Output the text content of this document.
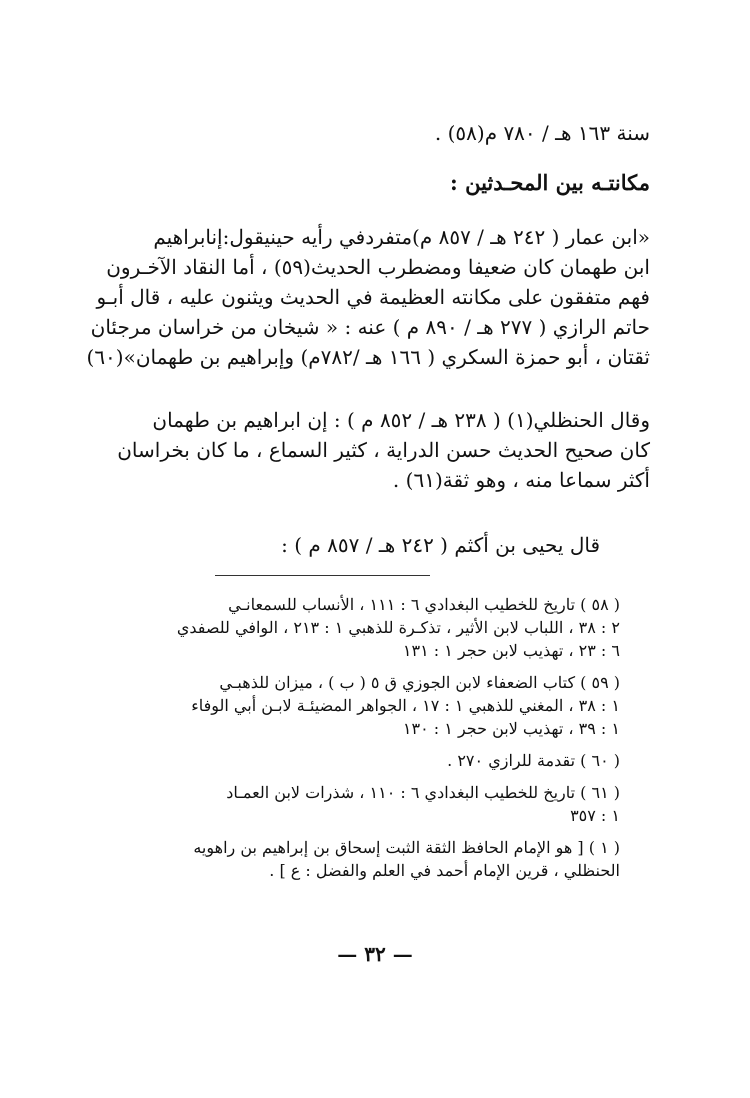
سنة ١٦٣ هـ / ٧٨٠ م(٥٨) .
مكانتـه بين المحـدثين :
«ابن عمار ( ٢٤٢ هـ / ٨٥٧ م)متفردفي رأيه حينيقول:إنابراهيم
ابن طهمان كان ضعيفا ومضطرب الحديث(٥٩) ، أما النقاد الآخـرون
فهم متفقون على مكانته العظيمة في الحديث ويثنون عليه ، قال أبـو
حاتم الرازي ( ٢٧٧ هـ / ٨٩٠ م ) عنه : « شيخان من خراسان مرجئان
ثقتان ، أبو حمزة السكري ( ١٦٦ هـ /٧٨٢م) وإبراهيم بن طهمان»(٦٠)
وقال الحنظلي(١) ( ٢٣٨ هـ / ٨٥٢ م ) : إن ابراهيم بن طهمان
كان صحيح الحديث حسن الدراية ، كثير السماع ، ما كان بخراسان
أكثر سماعا منه ، وهو ثقة(٦١) .
قال يحيى بن أكثم ( ٢٤٢ هـ / ٨٥٧ م ) :
( ٥٨ ) تاريخ للخطيب البغدادي ٦ : ١١١ ، الأنساب للسمعانـي
٢ : ٣٨ ، اللباب لابن الأثير ، تذكـرة للذهبي ١ : ٢١٣ ، الوافي للصفدي
٦ : ٢٣ ، تهذيب لابن حجر ١ : ١٣١
( ٥٩ ) كتاب الضعفاء لابن الجوزي ق ٥ ( ب ) ، ميزان للذهبـي
١ : ٣٨ ، المغني للذهبي ١ : ١٧ ، الجواهر المضيئـة لابـن أبي الوفاء
١ : ٣٩ ، تهذيب لابن حجر ١ : ١٣٠
( ٦٠ ) تقدمة للرازي ٢٧٠ .
( ٦١ ) تاريخ للخطيب البغدادي ٦ : ١١٠ ، شذرات لابن العمـاد
١ : ٣٥٧
( ١ ) [ هو الإمام الحافظ الثقة الثبت إسحاق بن إبراهيم بن راهويه
الحنظلي ، قرين الإمام أحمد في العلم والفضل : ع ] .
— ٣٢ —
